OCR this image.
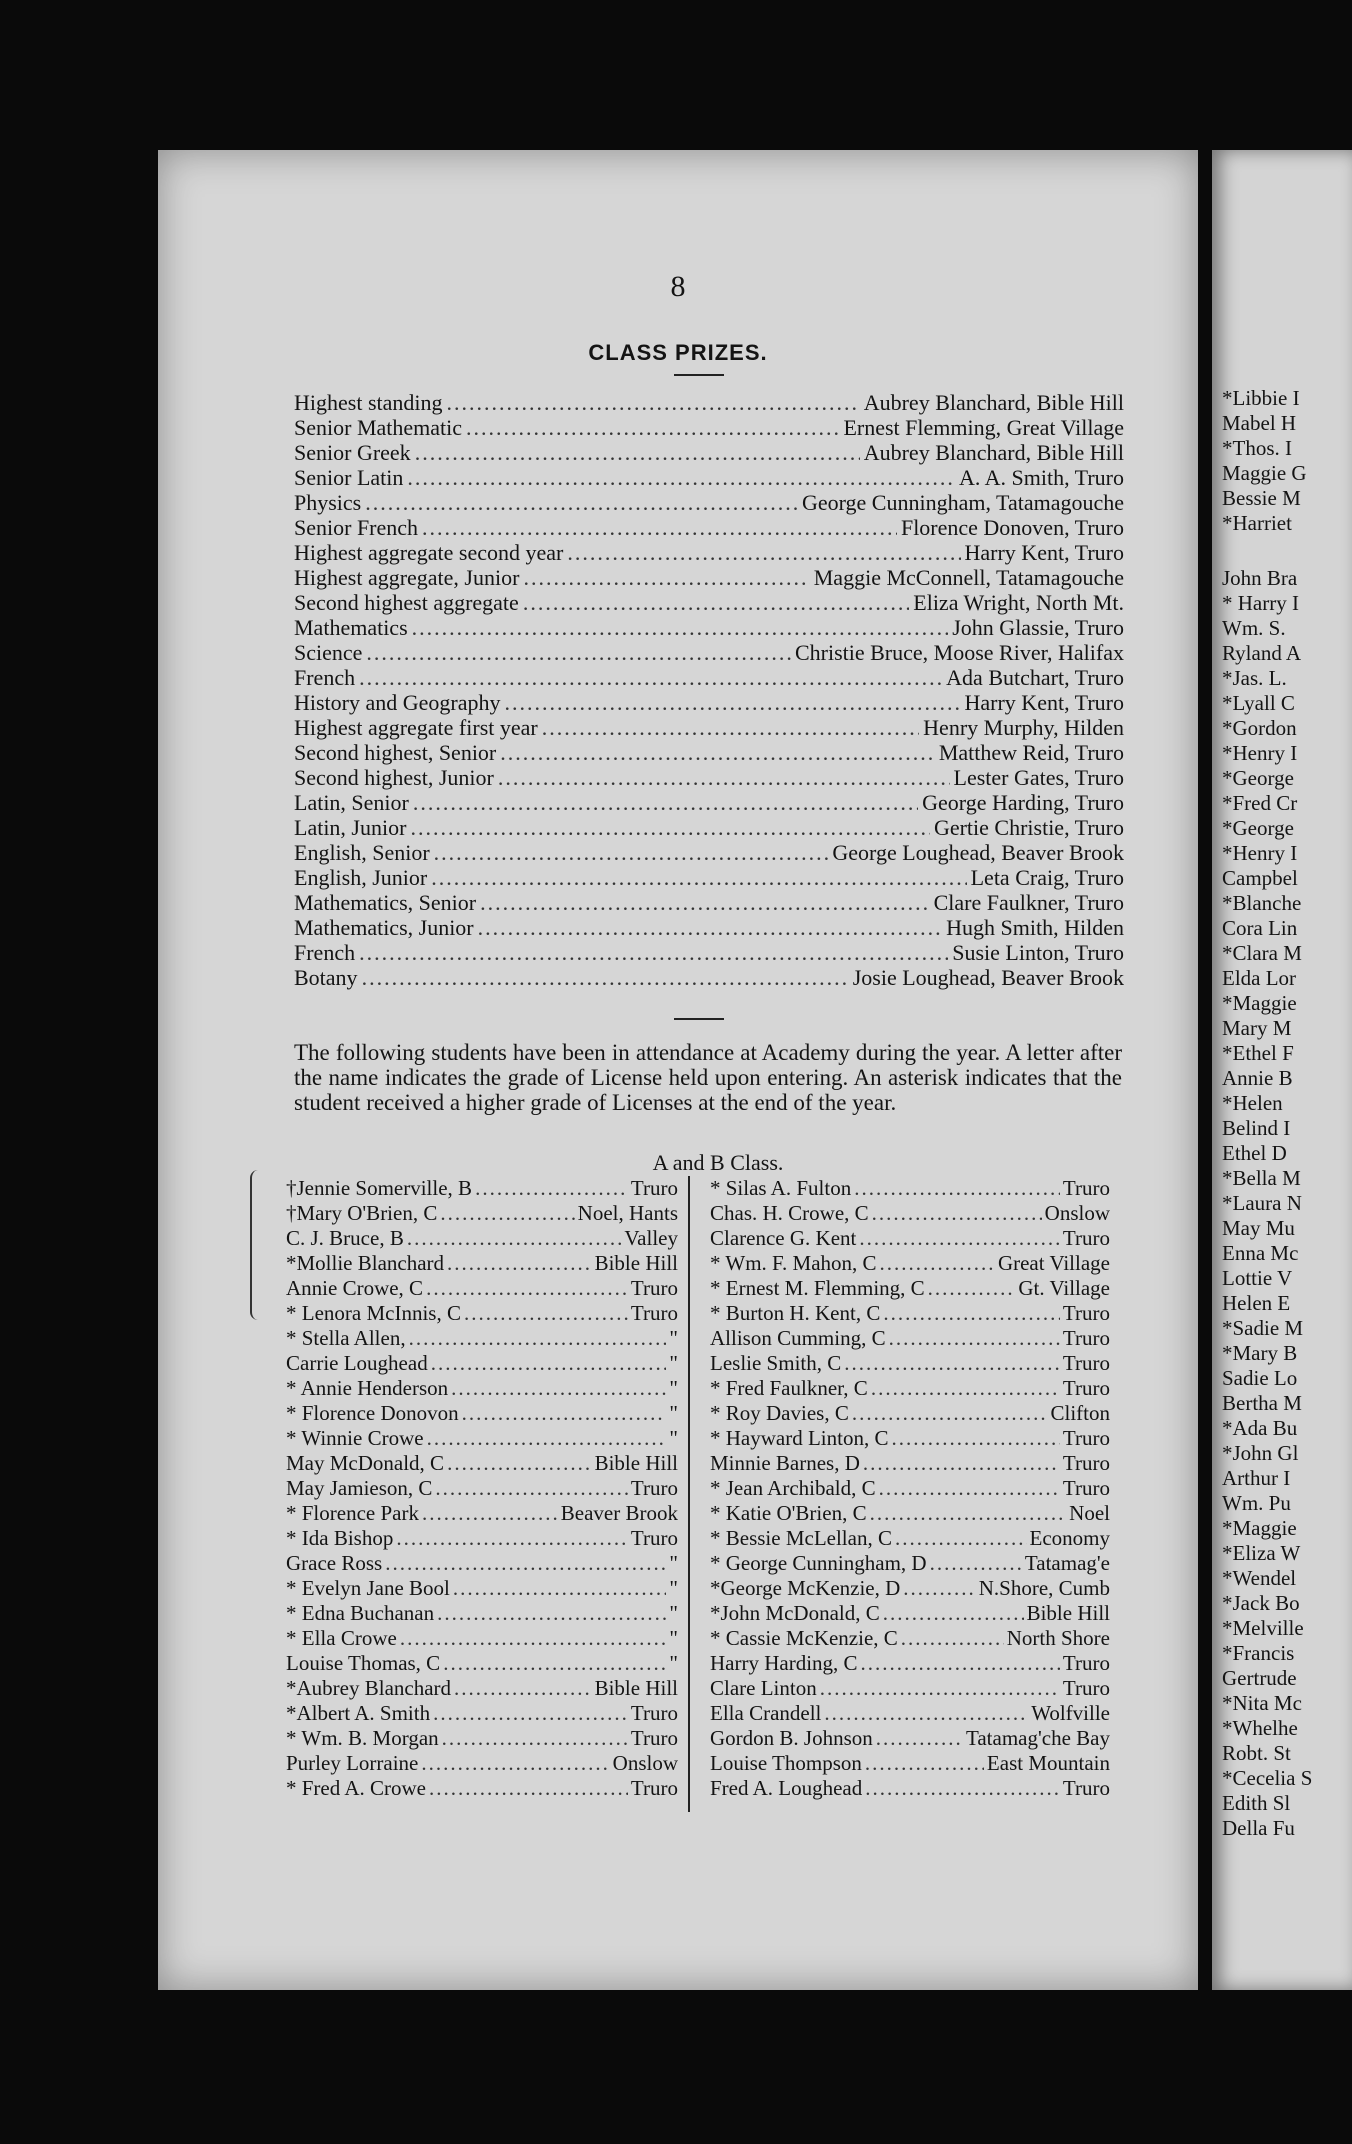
8
CLASS PRIZES.
Highest standing .....	Aubrey Blanchard, Bible Hill
Senior Mathematic .....	Ernest Flemming, Great Village
Senior Greek .....	Aubrey Blanchard, Bible Hill
Senior Latin .....	A. A. Smith, Truro
Physics .....	George Cunningham, Tatamagouche
Senior French .....	Florence Donoven, Truro
Highest aggregate second year .....	Harry Kent, Truro
Highest aggregate, Junior .....	Maggie McConnell, Tatamagouche
Second highest aggregate .....	Eliza Wright, North Mt.
Mathematics .....	John Glassie, Truro
Science .....	Christie Bruce, Moose River, Halifax
French .....	Ada Butchart, Truro
History and Geography .....	Harry Kent, Truro
Highest aggregate first year .....	Henry Murphy, Hilden
Second highest, Senior .....	Matthew Reid, Truro
Second highest, Junior .....	Lester Gates, Truro
Latin, Senior .....	George Harding, Truro
Latin, Junior .....	Gertie Christie, Truro
English, Senior .....	George Loughead, Beaver Brook
English, Junior .....	Leta Craig, Truro
Mathematics, Senior .....	Clare Faulkner, Truro
Mathematics, Junior .....	Hugh Smith, Hilden
French .....	Susie Linton, Truro
Botany .....	Josie Loughead, Beaver Brook
The following students have been in attendance at Academy during the year. A letter after the name indicates the grade of License held upon entering. An asterisk indicates that the student received a higher grade of Licenses at the end of the year.
A and B Class.
†Jennie Somerville, B .....	Truro
†Mary O'Brien, C .....	Noel, Hants
C. J. Bruce, B .....	Valley
*Mollie Blanchard .....	Bible Hill
Annie Crowe, C .....	Truro
* Lenora McInnis, C .....	Truro
* Stella Allen, .....	"
Carrie Loughead .....	"
* Annie Henderson .....	"
* Florence Donovon .....	"
* Winnie Crowe .....	"
May McDonald, C .....	Bible Hill
May Jamieson, C .....	Truro
* Florence Park .....	Beaver Brook
* Ida Bishop .....	Truro
Grace Ross .....	"
* Evelyn Jane Bool .....	"
* Edna Buchanan .....	"
* Ella Crowe .....	"
Louise Thomas, C .....	"
*Aubrey Blanchard .....	Bible Hill
*Albert A. Smith .....	Truro
* Wm. B. Morgan .....	Truro
Purley Lorraine .....	Onslow
* Fred A. Crowe .....	Truro
* Silas A. Fulton .....	Truro
Chas. H. Crowe, C .....	Onslow
Clarence G. Kent .....	Truro
* Wm. F. Mahon, C .....	Great Village
* Ernest M. Flemming, C .....	Gt. Village
* Burton H. Kent, C .....	Truro
Allison Cumming, C .....	Truro
Leslie Smith, C .....	Truro
* Fred Faulkner, C .....	Truro
* Roy Davies, C .....	Clifton
* Hayward Linton, C .....	Truro
Minnie Barnes, D .....	Truro
* Jean Archibald, C .....	Truro
* Katie O'Brien, C .....	Noel
* Bessie McLellan, C .....	Economy
* George Cunningham, D .....	Tatamag'e
*George McKenzie, D .....	N.Shore, Cumb
*John McDonald, C .....	Bible Hill
* Cassie McKenzie, C .....	North Shore
Harry Harding, C .....	Truro
Clare Linton .....	Truro
Ella Crandell .....	Wolfville
Gordon B. Johnson .....	Tatamag'che Bay
Louise Thompson .....	East Mountain
Fred A. Loughead .....	Truro
*Libbie I
Mabel H
*Thos. I
Maggie G
Bessie M
*Harriet
John Bra
* Harry I
Wm. S.
Ryland A
*Jas. L.
*Lyall C
*Gordon
*Henry I
*George
*Fred Cr
*George
*Henry I
Campbel
*Blanche
Cora Lin
*Clara M
Elda Lor
*Maggie
Mary M
*Ethel F
Annie B
*Helen
Belind I
Ethel D
*Bella M
*Laura N
May Mu
Enna Mc
Lottie V
Helen E
*Sadie M
*Mary B
Sadie Lo
Bertha M
*Ada Bu
*John Gl
Arthur I
Wm. Pu
*Maggie
*Eliza W
*Wendel
*Jack Bo
*Melville
*Francis
Gertrude
*Nita Mc
*Whelhe
Robt. St
*Cecelia S
Edith Sl
Della Fu
